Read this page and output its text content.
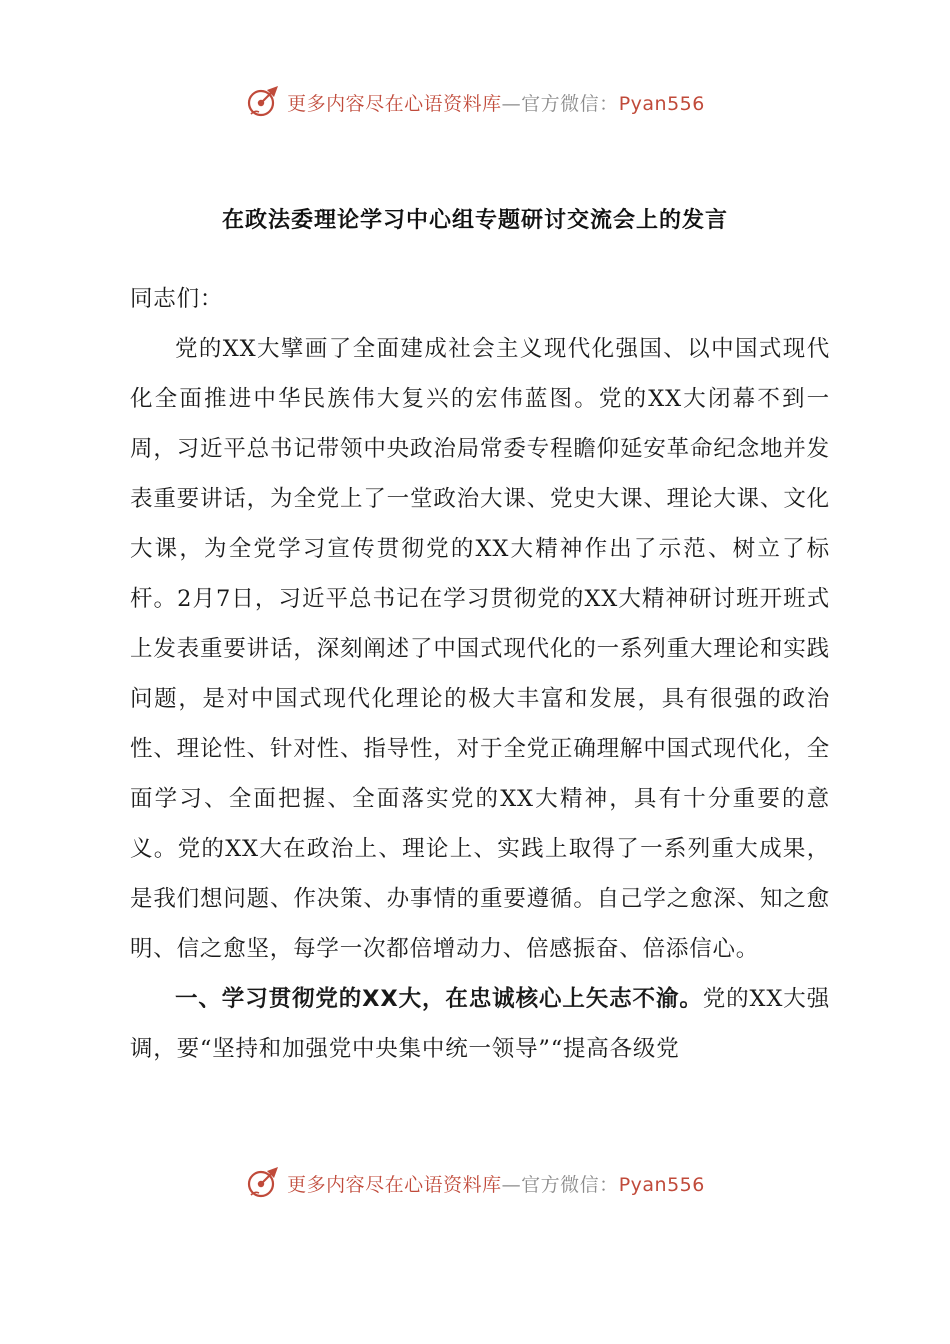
更多内容尽在心语资料库—官方微信：Pyan556
在政法委理论学习中心组专题研讨交流会上的发言

同志们：

党的XX大擘画了全面建成社会主义现代化强国、以中国式现代化全面推进中华民族伟大复兴的宏伟蓝图。党的XX大闭幕不到一周，习近平总书记带领中央政治局常委专程瞻仰延安革命纪念地并发表重要讲话，为全党上了一堂政治大课、党史大课、理论大课、文化大课，为全党学习宣传贯彻党的XX大精神作出了示范、树立了标杆。2月7日，习近平总书记在学习贯彻党的XX大精神研讨班开班式上发表重要讲话，深刻阐述了中国式现代化的一系列重大理论和实践问题，是对中国式现代化理论的极大丰富和发展，具有很强的政治性、理论性、针对性、指导性，对于全党正确理解中国式现代化，全面学习、全面把握、全面落实党的XX大精神，具有十分重要的意义。党的XX大在政治上、理论上、实践上取得了一系列重大成果，是我们想问题、作决策、办事情的重要遵循。自己学之愈深、知之愈明、信之愈坚，每学一次都倍增动力、倍感振奋、倍添信心。

一、学习贯彻党的XX大，在忠诚核心上矢志不渝。党的XX大强调，要“坚持和加强党中央集中统一领导”“提高各级党

更多内容尽在心语资料库—官方微信：Pyan556
